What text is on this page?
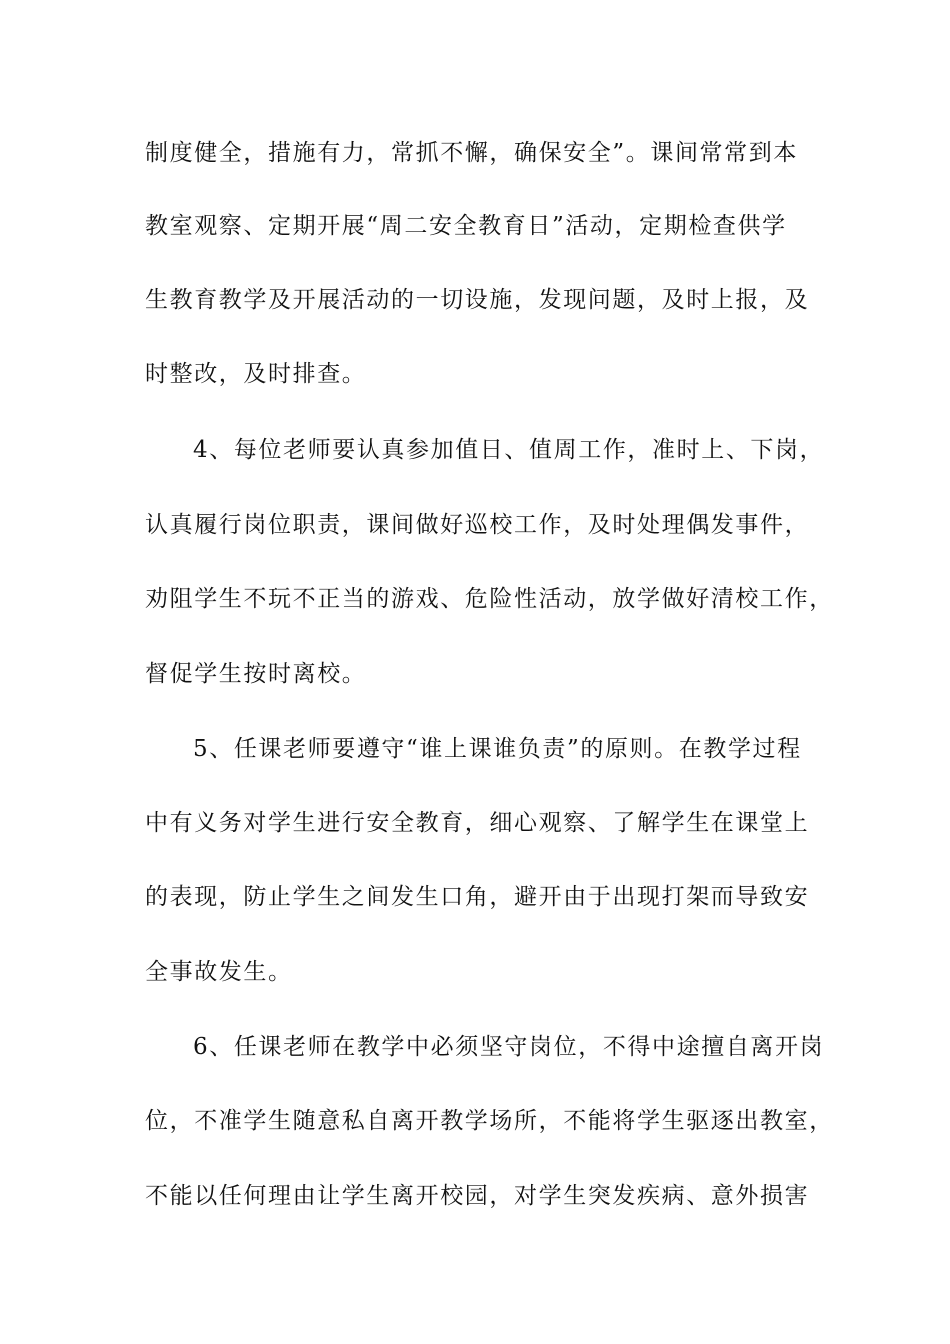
制度健全，措施有力，常抓不懈，确保安全”。课间常常到本
教室观察、定期开展“周二安全教育日”活动，定期检查供学
生教育教学及开展活动的一切设施，发现问题，及时上报，及
时整改，及时排查。
4、每位老师要认真参加值日、值周工作，准时上、下岗，
认真履行岗位职责，课间做好巡校工作，及时处理偶发事件，
劝阻学生不玩不正当的游戏、危险性活动，放学做好清校工作，
督促学生按时离校。
5、任课老师要遵守“谁上课谁负责”的原则。在教学过程
中有义务对学生进行安全教育，细心观察、了解学生在课堂上
的表现，防止学生之间发生口角，避开由于出现打架而导致安
全事故发生。
6、任课老师在教学中必须坚守岗位，不得中途擅自离开岗
位，不准学生随意私自离开教学场所，不能将学生驱逐出教室，
不能以任何理由让学生离开校园，对学生突发疾病、意外损害
